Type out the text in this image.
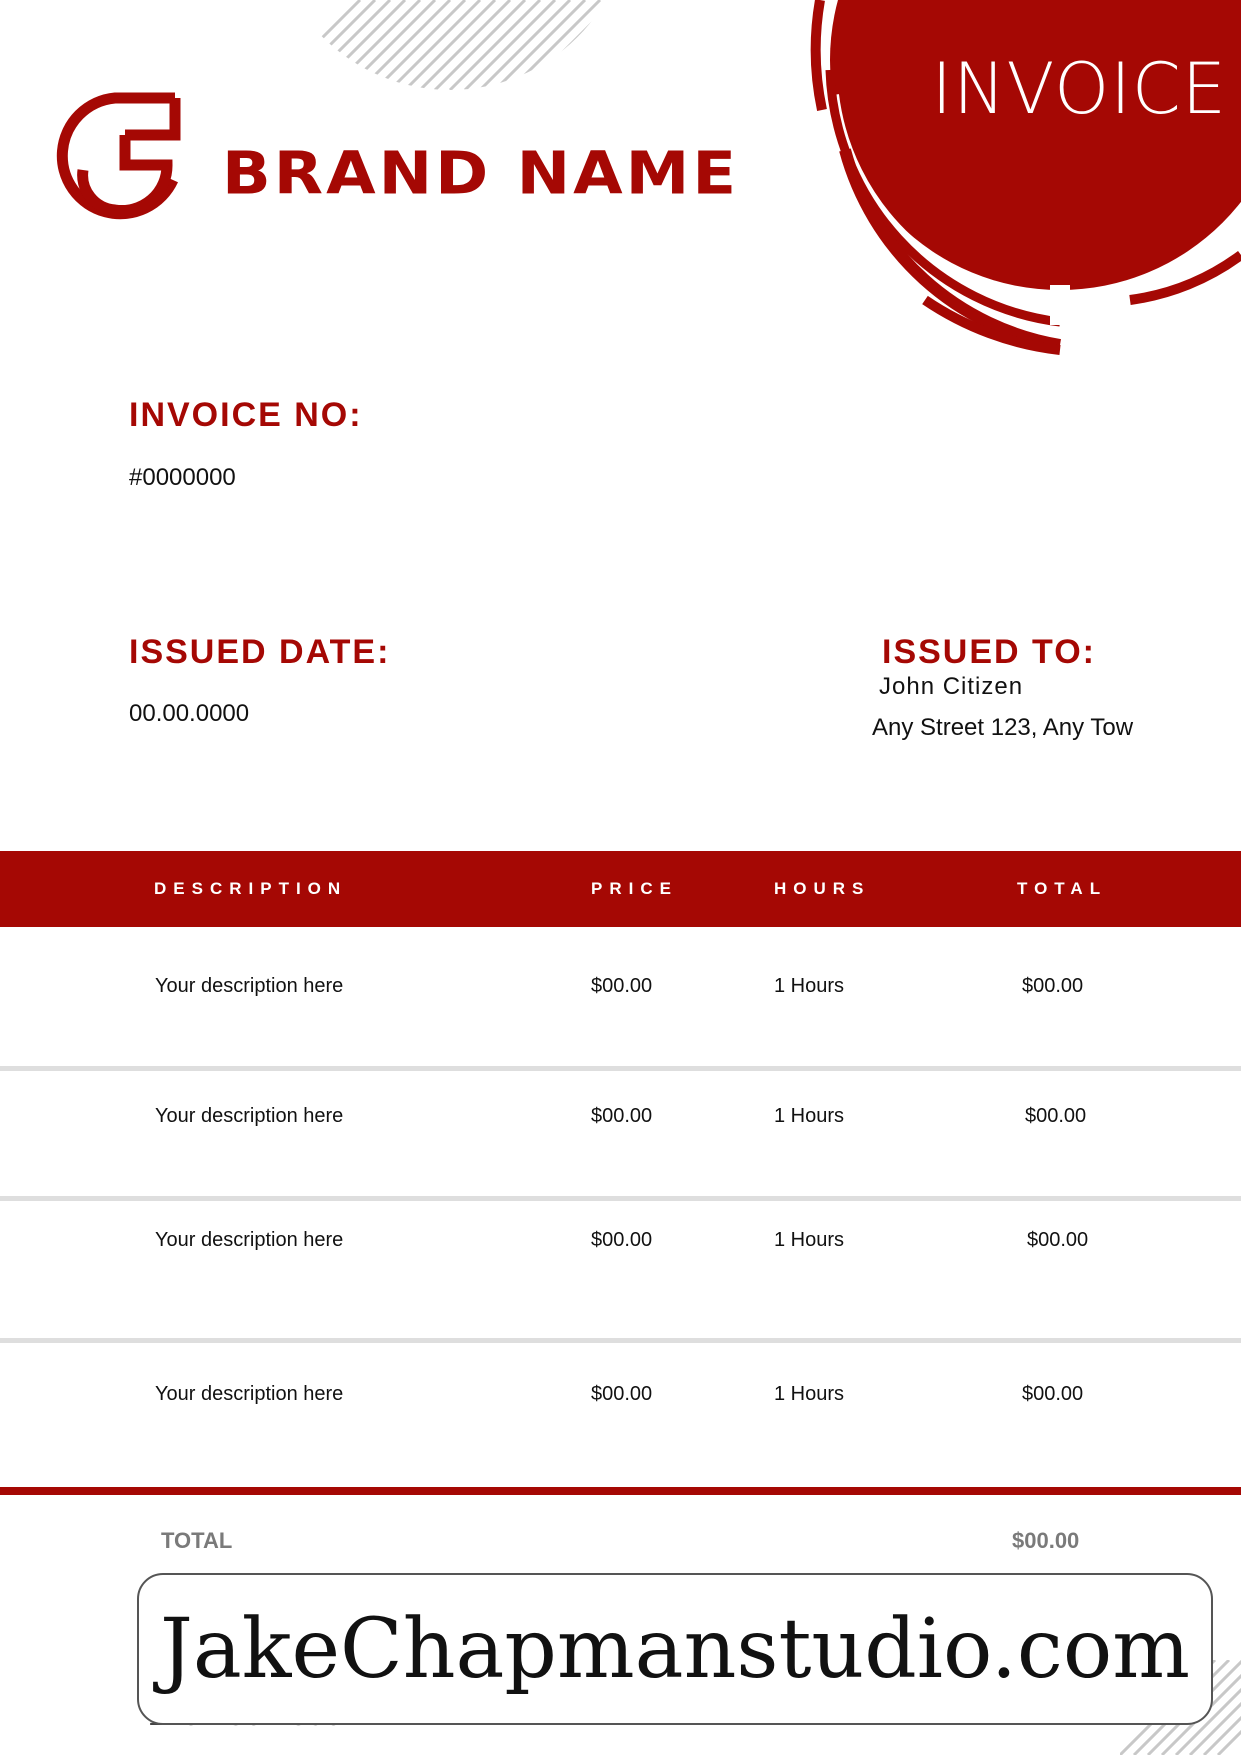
INVOICE
BRAND NAME
INVOICE NO:
#0000000
ISSUED DATE:
00.00.0000
ISSUED TO:
John Citizen
Any Street 123, Any Tow
DESCRIPTION	PRICE	HOURS	TOTAL
Your description here	$00.00	1 Hours	$00.00
Your description here	$00.00	1 Hours	$00.00
Your description here	$00.00	1 Hours	$00.00
Your description here	$00.00	1 Hours	$00.00
TOTAL	$00.00
JakeChapmanstudio.com
